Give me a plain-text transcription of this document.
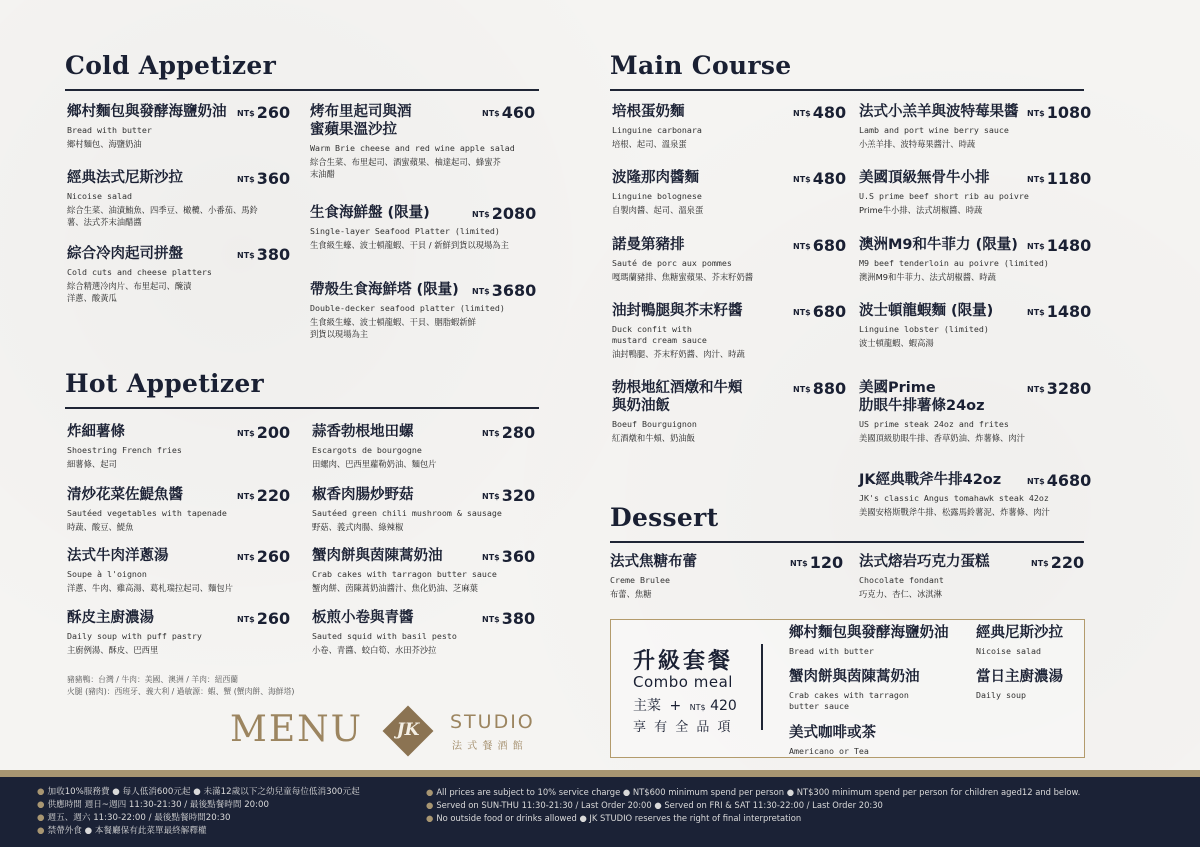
Cold Appetizer
鄉村麵包與發酵海鹽奶油	NT$ 260
Bread with butter
鄉村麵包、海鹽奶油
經典法式尼斯沙拉	NT$ 360
Nicoise salad
綜合生菜、油漬鮪魚、四季豆、橄欖、小番茄、馬鈴薯、法式芥末油醋醬
綜合冷肉起司拼盤	NT$ 380
Cold cuts and cheese platters
綜合精選冷肉片、布里起司、醃漬洋蔥、酸黃瓜
烤布里起司與酒蜜蘋果溫沙拉
NT$ 460
Warm Brie cheese and red wine apple salad
綜合生菜、布里起司、酒蜜蘋果、柚達起司、蜂蜜芥末油醋
生食海鮮盤 (限量)	NT$ 2080
Single-layer Seafood Platter (limited)
生食級生蠔、波士頓龍蝦、干貝 / 新鮮到貨以現場為主
帶殼生食海鮮塔 (限量)	NT$ 3680
Double-decker seafood platter (limited)
生食級生蠔、波士頓龍蝦、干貝、胭脂蝦新鮮到貨以現場為主
Hot Appetizer
炸細薯條	NT$ 200
Shoestring French fries
細薯條、起司
清炒花菜佐鯷魚醬	NT$ 220
Sautéed vegetables with tapenade
時蔬、酸豆、鯷魚
法式牛肉洋蔥湯	NT$ 260
Soupe à l'oignon
洋蔥、牛肉、雞高湯、葛札瑞拉起司、麵包片
酥皮主廚濃湯	NT$ 260
Daily soup with puff pastry
主廚例湯、酥皮、巴西里
蒜香勃根地田螺	NT$ 280
Escargots de bourgogne
田螺肉、巴西里蘿勒奶油、麵包片
椒香肉腸炒野菇	NT$ 320
Sautéed green chili mushroom & sausage
野菇、義式肉腸、綠辣椒
蟹肉餅與茵陳蒿奶油	NT$ 360
Crab cakes with tarragon butter sauce
蟹肉餅、茵陳蒿奶油醬汁、焦化奶油、芝麻葉
板煎小卷與青醬	NT$ 380
Sauted squid with basil pesto
小卷、青醬、蛟白筍、水田芥沙拉
豬豬鴨：台灣 / 牛肉：美國、澳洲 / 羊肉：紐西蘭
火腿 (豬肉)：西班牙、義大利 / 過敏源：蝦、蟹 (蟹肉餅、海鮮塔)
MENU	JK	STUDIO
法 式 餐 酒 館
Main Course
培根蛋奶麵	NT$ 480
Linguine carbonara
培根、起司、溫泉蛋
波隆那肉醬麵	NT$ 480
Linguine bolognese
自製肉醬、起司、溫泉蛋
諾曼第豬排	NT$ 680
Sauté de porc aux pommes
嘎瑪蘭豬排、焦糖蜜蘋果、芥末籽奶醬
油封鴨腿與芥末籽醬	NT$ 680
Duck confit with
mustard cream sauce
油封鴨腿、芥末籽奶醬、肉汁、時蔬
勃根地紅酒燉和牛頰
與奶油飯
NT$ 880
Boeuf Bourguignon
紅酒燉和牛頰、奶油飯
法式小羔羊與波特莓果醬	NT$ 1080
Lamb and port wine berry sauce
小羔羊排、波特莓果醬汁、時蔬
美國頂級無骨牛小排	NT$ 1180
U.S prime beef short rib au poivre
Prime牛小排、法式胡椒醬、時蔬
澳洲M9和牛菲力 (限量)	NT$ 1480
M9 beef tenderloin au poivre (limited)
澳洲M9和牛菲力、法式胡椒醬、時蔬
波士頓龍蝦麵 (限量)	NT$ 1480
Linguine lobster (limited)
波士頓龍蝦、蝦高湯
美國Prime
肋眼牛排薯條24oz
NT$ 3280
US prime steak 24oz and frites
美國頂級肋眼牛排、香草奶油、炸薯條、肉汁
JK經典戰斧牛排42oz	NT$ 4680
JK's classic Angus tomahawk steak 42oz
美國安格斯戰斧牛排、松露馬鈴薯泥、炸薯條、肉汁
Dessert
法式焦糖布蕾	NT$ 120
Creme Brulee
布蕾、焦糖
法式熔岩巧克力蛋糕	NT$ 220
Chocolate fondant
巧克力、杏仁、冰淇淋
升級套餐
Combo meal
主菜 + NT$ 420
享 有 全 品 項
鄉村麵包與發酵海鹽奶油
Bread with butter
經典尼斯沙拉
Nicoise salad
蟹肉餅與茵陳蒿奶油
Crab cakes with tarragon
butter sauce
當日主廚濃湯
Daily soup
美式咖啡或茶
Americano or Tea
● 加收10%服務費 ● 每人低消600元起 ● 未滿12歲以下之幼兒童每位低消300元起
● 供應時間 週日~週四 11:30-21:30 / 最後點餐時間 20:00
● 週五、週六 11:30-22:00 / 最後點餐時間20:30
● 禁帶外食 ● 本餐廳保有此菜單最終解釋權
● All prices are subject to 10% service charge ● NT$600 minimum spend per person ● NT$300 minimum spend per person for children aged12 and below.
● Served on SUN-THU 11:30-21:30 / Last Order 20:00 ● Served on FRI & SAT 11:30-22:00 / Last Order 20:30
● No outside food or drinks allowed ● JK STUDIO reserves the right of final interpretation
